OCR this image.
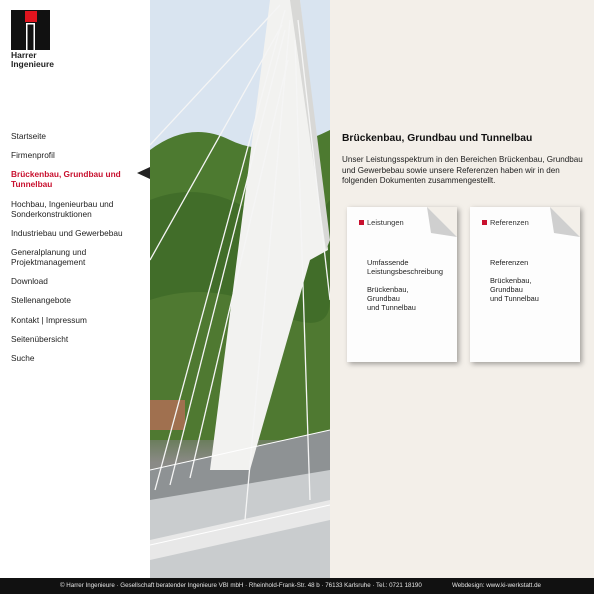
Harrer
Ingenieure
Startseite
Firmenprofil
Brückenbau, Grundbau und Tunnelbau
Hochbau, Ingenieurbau und Sonderkonstruktionen
Industriebau und Gewerbebau
Generalplanung und Projektmanagement
Download
Stellenangebote
Kontakt | Impressum
Seitenübersicht
Suche
Brückenbau, Grundbau und Tunnelbau
Unser Leistungsspektrum in den Bereichen Brückenbau, Grundbau und Gewerbebau sowie unsere Referenzen haben wir in den folgenden Dokumenten zusammengestellt.
Leistungen
Umfassende
Leistungsbeschreibung
Brückenbau,
Grundbau
und Tunnelbau
Referenzen
Referenzen
Brückenbau,
Grundbau
und Tunnelbau
© Harrer Ingenieure · Gesellschaft beratender Ingenieure VBI mbH · Rheinhold-Frank-Str. 48 b · 76133 Karlsruhe · Tel.: 0721 18190	Webdesign: www.ki-werkstatt.de
